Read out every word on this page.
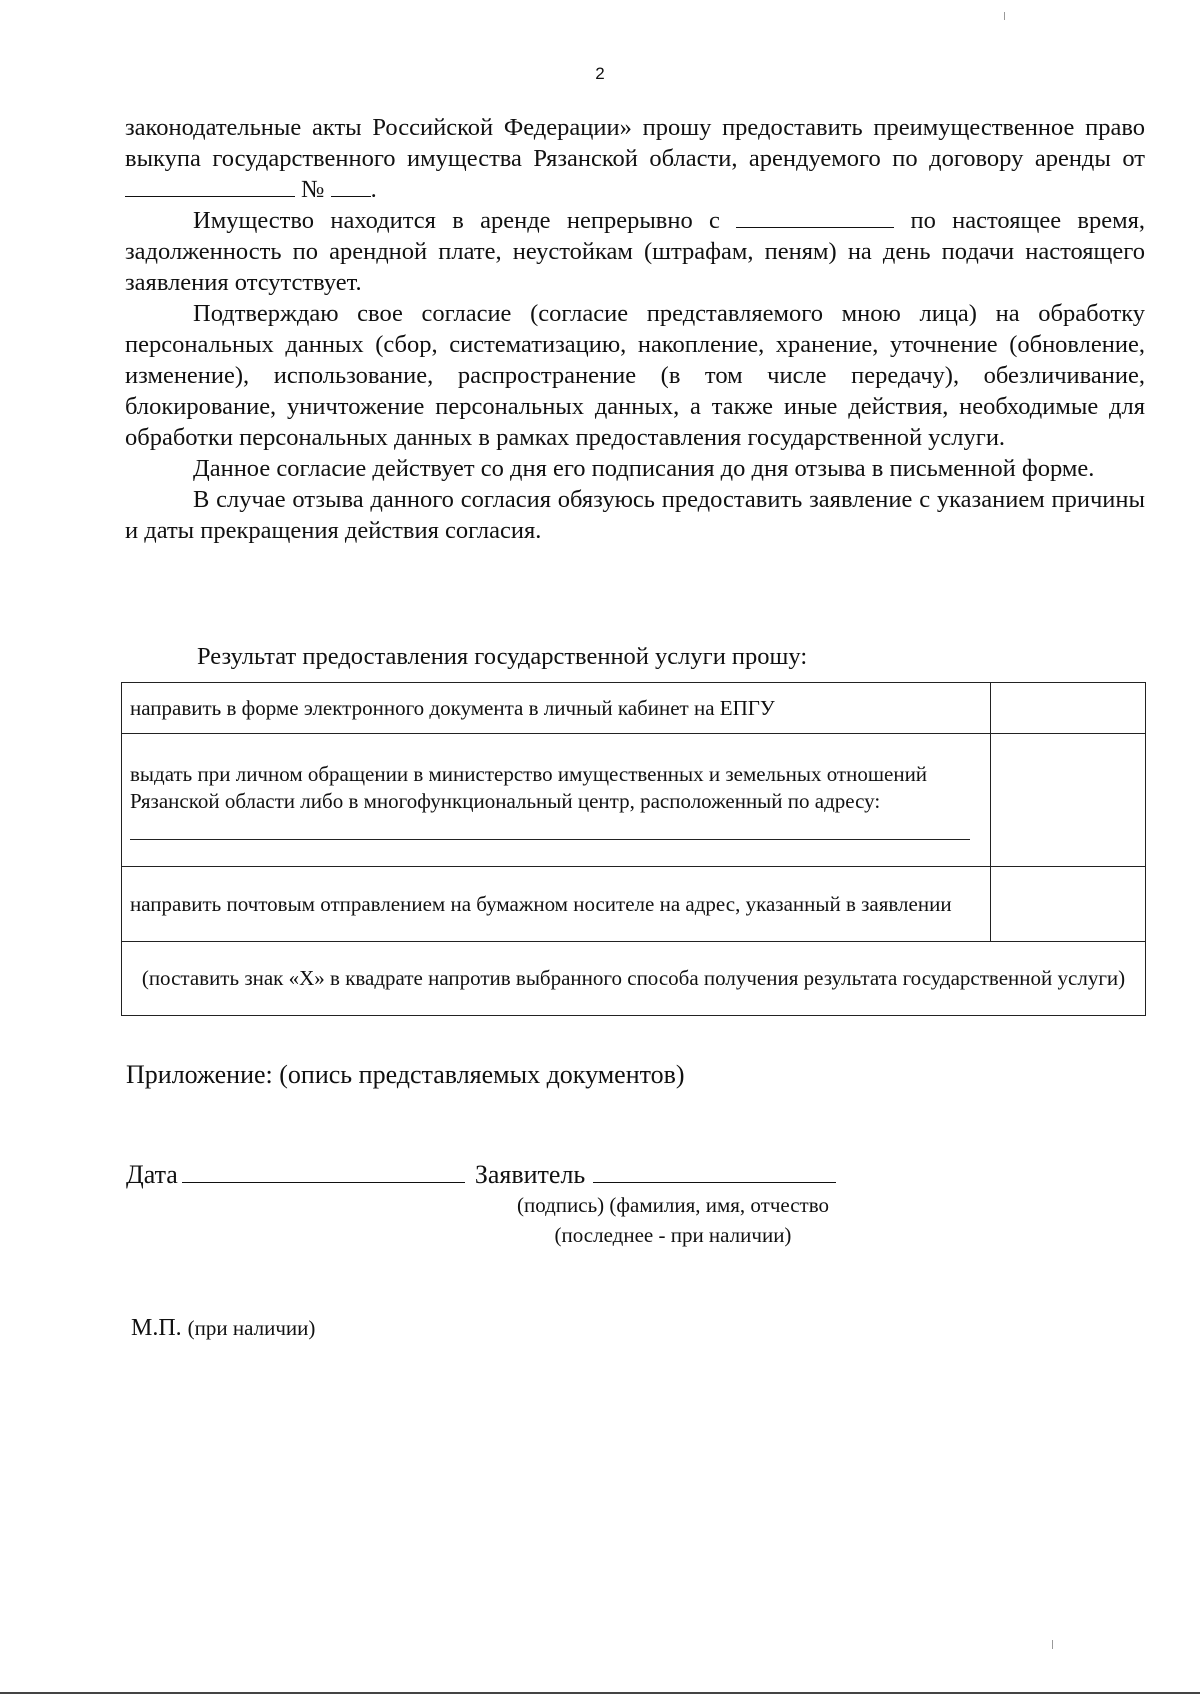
2

законодательные акты Российской Федерации» прошу предоставить преимущественное право выкупа государственного имущества Рязанской области, арендуемого по договору аренды от  № .

Имущество находится в аренде непрерывно с	по настоящее время, задолженность по арендной плате, неустойкам (штрафам, пеням) на день подачи настоящего заявления отсутствует.

Подтверждаю свое согласие (согласие представляемого мною лица) на обработку персональных данных (сбор, систематизацию, накопление, хранение, уточнение (обновление, изменение), использование, распространение (в том числе передачу), обезличивание, блокирование, уничтожение персональных данных, а также иные действия, необходимые для обработки персональных данных в рамках предоставления государственной услуги.

Данное согласие действует со дня его подписания до дня отзыва в письменной форме.

В случае отзыва данного согласия обязуюсь предоставить заявление с указанием причины и даты прекращения действия согласия.

Результат предоставления государственной услуги прошу:
направить в форме электронного документа в личный кабинет на ЕПГУ	

выдать при личном обращении в министерство имущественных и земельных отношений Рязанской области либо в многофункциональный центр, расположенный по адресу:	

направить почтовым отправлением на бумажном носителе на адрес, указанный в заявлении	
(поставить знак «Х» в квадрате напротив выбранного способа получения результата государственной услуги)	
Приложение: (опись представляемых документов)
Дата	Заявитель
(подпись) (фамилия, имя, отчество
(последнее - при наличии)
М.П. (при наличии)
